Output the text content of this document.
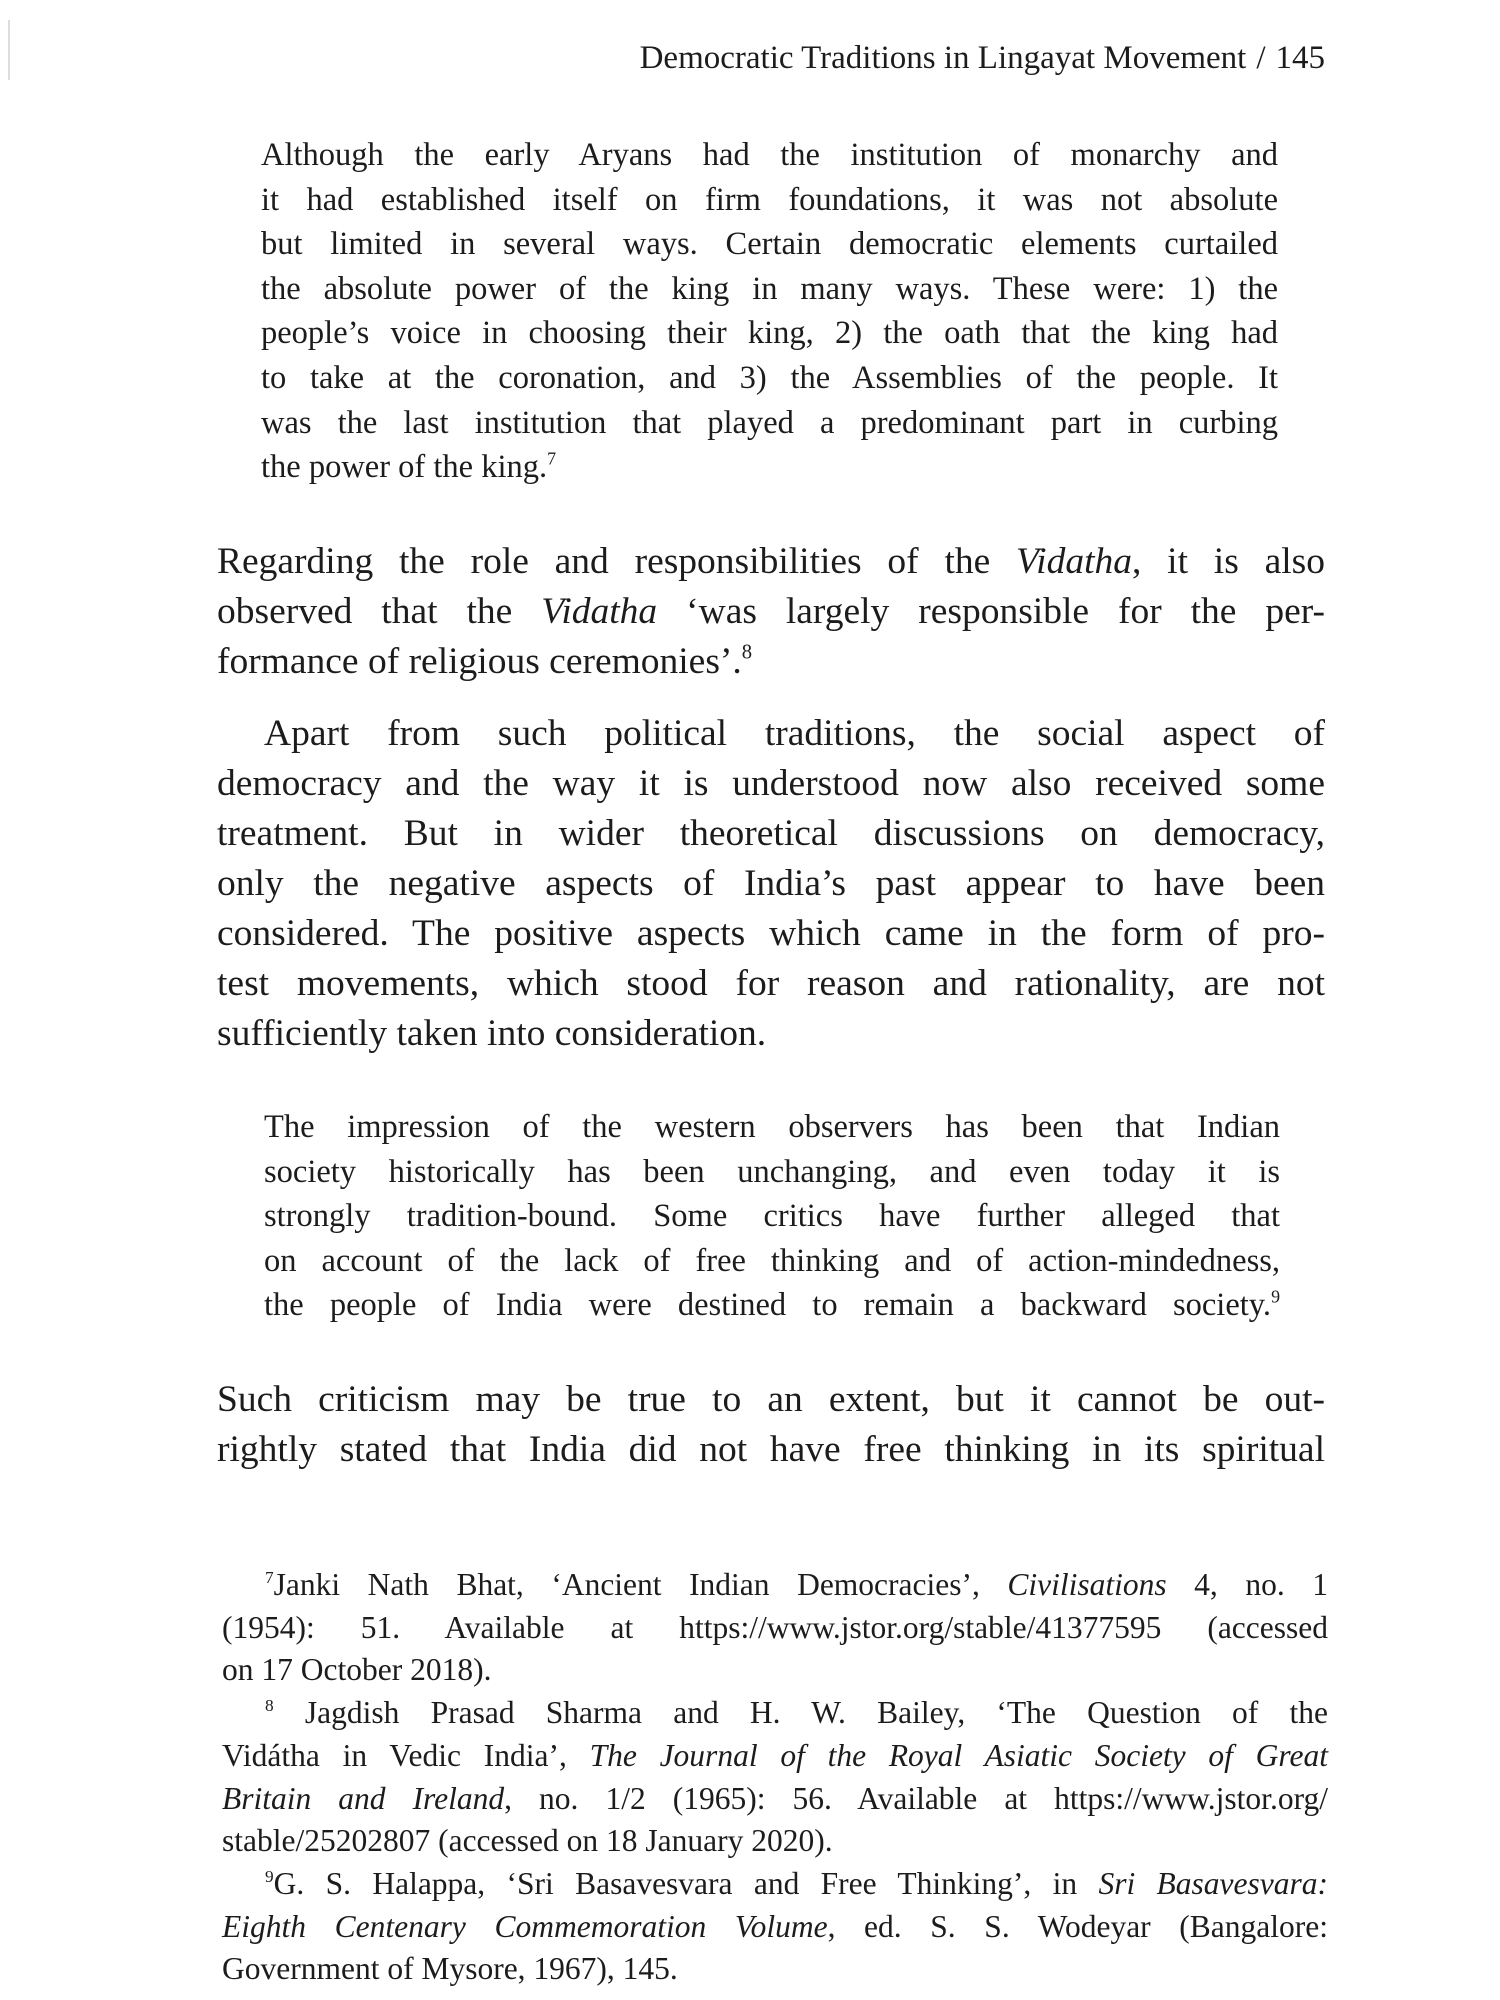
Democratic Traditions in Lingayat Movement / 145
Although the early Aryans had the institution of monarchy and
it had established itself on firm foundations, it was not absolute
but limited in several ways. Certain democratic elements curtailed
the absolute power of the king in many ways. These were: 1) the
people’s voice in choosing their king, 2) the oath that the king had
to take at the coronation, and 3) the Assemblies of the people. It
was the last institution that played a predominant part in curbing
the power of the king.$^7$
Regarding the role and responsibilities of the Vidatha, it is also
observed that the Vidatha ‘was largely responsible for the per-
formance of religious ceremonies’.$^8$
Apart from such political traditions, the social aspect of
democracy and the way it is understood now also received some
treatment. But in wider theoretical discussions on democracy,
only the negative aspects of India’s past appear to have been
considered. The positive aspects which came in the form of pro-
test movements, which stood for reason and rationality, are not
sufficiently taken into consideration.
The impression of the western observers has been that Indian
society historically has been unchanging, and even today it is
strongly tradition-bound. Some critics have further alleged that
on account of the lack of free thinking and of action-mindedness,
the people of India were destined to remain a backward society.$^9$
Such criticism may be true to an extent, but it cannot be out-
rightly stated that India did not have free thinking in its spiritual
$^7$Janki Nath Bhat, ‘Ancient Indian Democracies’, Civilisations 4, no. 1
(1954): 51. Available at https://www.jstor.org/stable/41377595 (accessed
on 17 October 2018).
$^8$ Jagdish Prasad Sharma and H. W. Bailey, ‘The Question of the
Vidátha in Vedic India’, The Journal of the Royal Asiatic Society of Great
Britain and Ireland, no. 1/2 (1965): 56. Available at https://www.jstor.org/
stable/25202807 (accessed on 18 January 2020).
$^9$G. S. Halappa, ‘Sri Basavesvara and Free Thinking’, in Sri Basavesvara:
Eighth Centenary Commemoration Volume, ed. S. S. Wodeyar (Bangalore:
Government of Mysore, 1967), 145.
